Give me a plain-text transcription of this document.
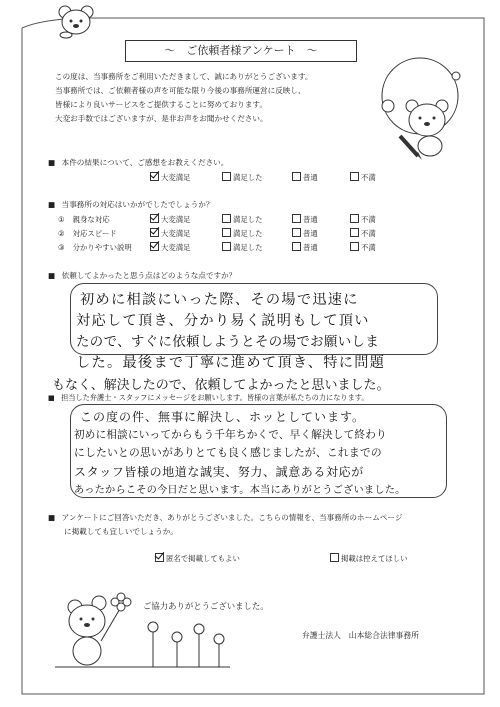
～　ご依頼者様アンケート　～
この度は、当事務所をご利用いただきまして、誠にありがとうございます。
当事務所では、ご依頼者様の声を可能な限り今後の事務所運営に反映し、
皆様により良いサービスをご提供することに努めております。
大変お手数ではございますが、是非お声をお聞かせください。
■ 本件の結果について、ご感想をお教えください。
大変満足	満足した	普通	不満
■ 当事務所の対応はいかがでしたでしょうか？
① 親身な対応	大変満足	満足した	普通	不満
② 対応スピード	大変満足	満足した	普通	不満
③ 分かりやすい説明	大変満足	満足した	普通	不満
■ 依頼してよかったと思う点はどのような点ですか？
初めに相談にいった際、その場で迅速に
対応して頂き、分かり易く説明もして頂い
たので、すぐに依頼しようとその場でお願いしま
した。最後まで丁寧に進めて頂き、特に問題
もなく、解決したので、依頼してよかったと思いました。
■ 担当した弁護士・スタッフにメッセージをお願いします。皆様の言葉が私たちの力になります。
この度の件、無事に解決し、ホッとしています。
初めに相談にいってからもう千年ちかくで、早く解決して終わり
にしたいとの思いがありとても良く感じましたが、これまでの
スタッフ皆様の地道な誠実、努力、誠意ある対応が
あったからこその今日だと思います。本当にありがとうございました。
■ アンケートにご回答いただき、ありがとうございました。こちらの情報を、当事務所のホームページ
に掲載しても宜しいでしょうか。
匿名で掲載してもよい	掲載は控えてほしい
ご協力ありがとうございました。
弁護士法人　山本総合法律事務所
